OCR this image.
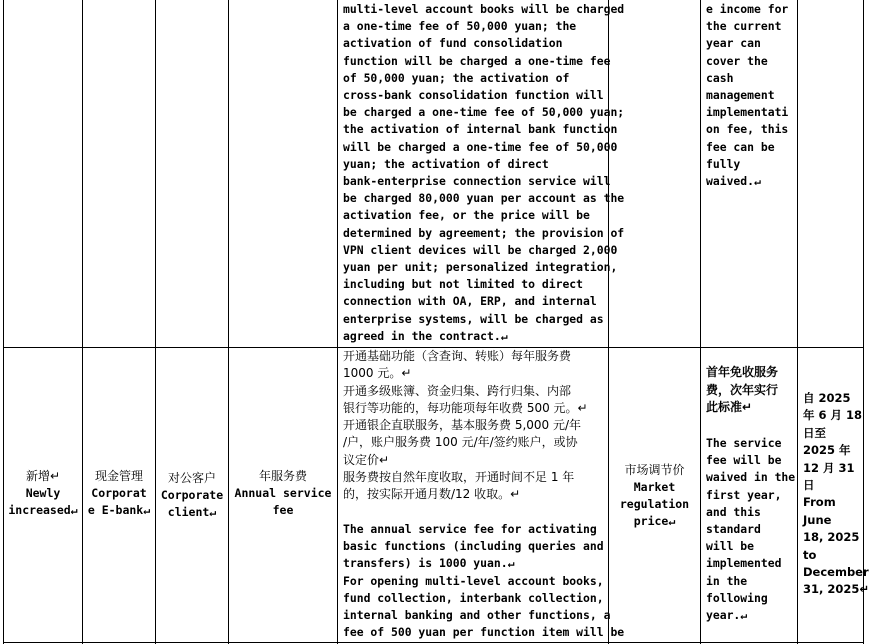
multi-level account books will be charged
a one-time fee of 50,000 yuan; the
activation of fund consolidation
function will be charged a one-time fee
of 50,000 yuan; the activation of
cross-bank consolidation function will
be charged a one-time fee of 50,000 yuan;
the activation of internal bank function
will be charged a one-time fee of 50,000
yuan; the activation of direct
bank-enterprise connection service will
be charged 80,000 yuan per account as the
activation fee, or the price will be
determined by agreement; the provision of
VPN client devices will be charged 2,000
yuan per unit; personalized integration,
including but not limited to direct
connection with OA, ERP, and internal
enterprise systems, will be charged as
agreed in the contract.↵
e income for
the current
year can
cover the
cash
management
implementati
on fee, this
fee can be
fully
waived.↵
新增↵
Newly
increased↵
现金管理
Corporat
e E-bank↵
对公客户
Corporate
client↵
年服务费
Annual service
fee
开通基础功能（含查询、转账）每年服务费
1000 元。↵
开通多级账簿、资金归集、跨行归集、内部
银行等功能的，每功能项每年收费 500 元。↵
开通银企直联服务，基本服务费 5,000 元/年
/户，账户服务费 100 元/年/签约账户，或协
议定价↵
服务费按自然年度收取，开通时间不足 1 年
的，按实际开通月数/12 收取。↵
The annual service fee for activating
basic functions (including queries and
transfers) is 1000 yuan.↵
For opening multi-level account books,
fund collection, interbank collection,
internal banking and other functions, a
fee of 500 yuan per function item will be
市场调节价
Market
regulation
price↵
首年免收服务
费，次年实行
此标准↵
The service
fee will be
waived in the
first year,
and this
standard
will be
implemented
in the
following
year.↵
自 2025
年 6 月 18
日至
2025 年
12 月 31
日
From
June
18, 2025
to
December
31, 2025↵
